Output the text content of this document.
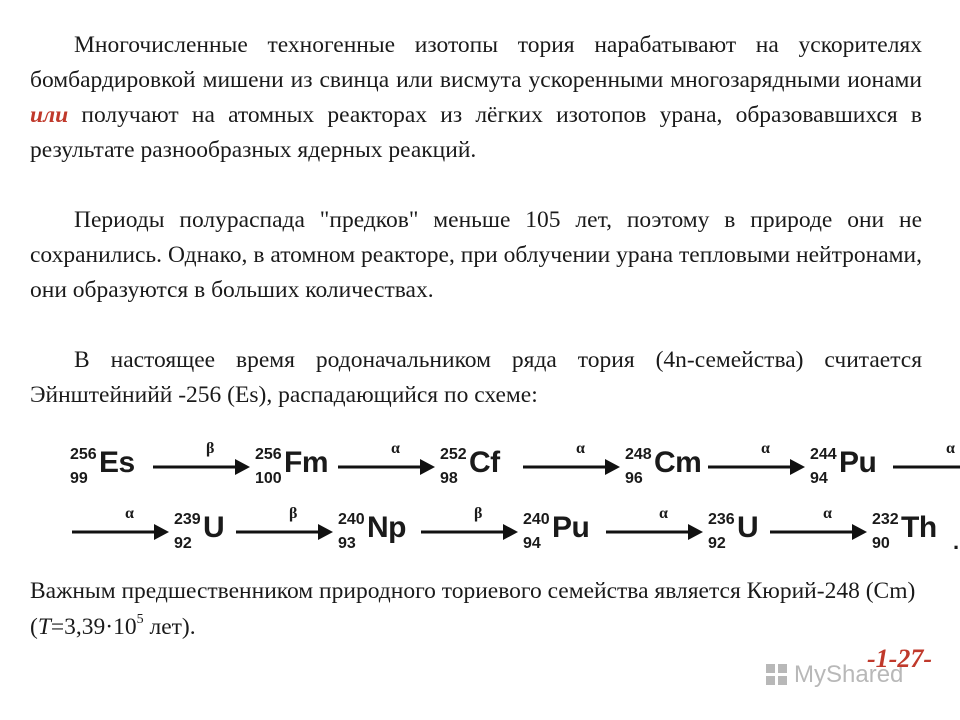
Многочисленные техногенные изотопы тория нарабатывают на ускорителях бомбардировкой мишени из свинца или висмута ускоренными многозарядными ионами или получают на атомных реакторах из лёгких изотопов урана, образовавшихся в результате разнообразных ядерных реакций.

Периоды полураспада "предков" меньше 105 лет, поэтому в природе они не сохранились. Однако, в атомном реакторе, при облучении урана тепловыми нейтронами, они образуются в больших количествах.

В настоящее время родоначальником ряда тория (4n-семейства) считается Эйнштейнийй -256 (Es), распадающийся по схеме:

256
99 Es	β	256
100 Fm	α	252
98 Cf	α	248
96 Cm	α	244
94 Pu	α
α	239
92 U	β	240
93 Np	β	240
94 Pu	α	236
92 U	α	232
90 Th .

Важным предшественником природного ториевого семейства является Кюрий-248 (Cm) ($T=3,39\cdot 10^5$ лет).

MyShared
-1-27-
